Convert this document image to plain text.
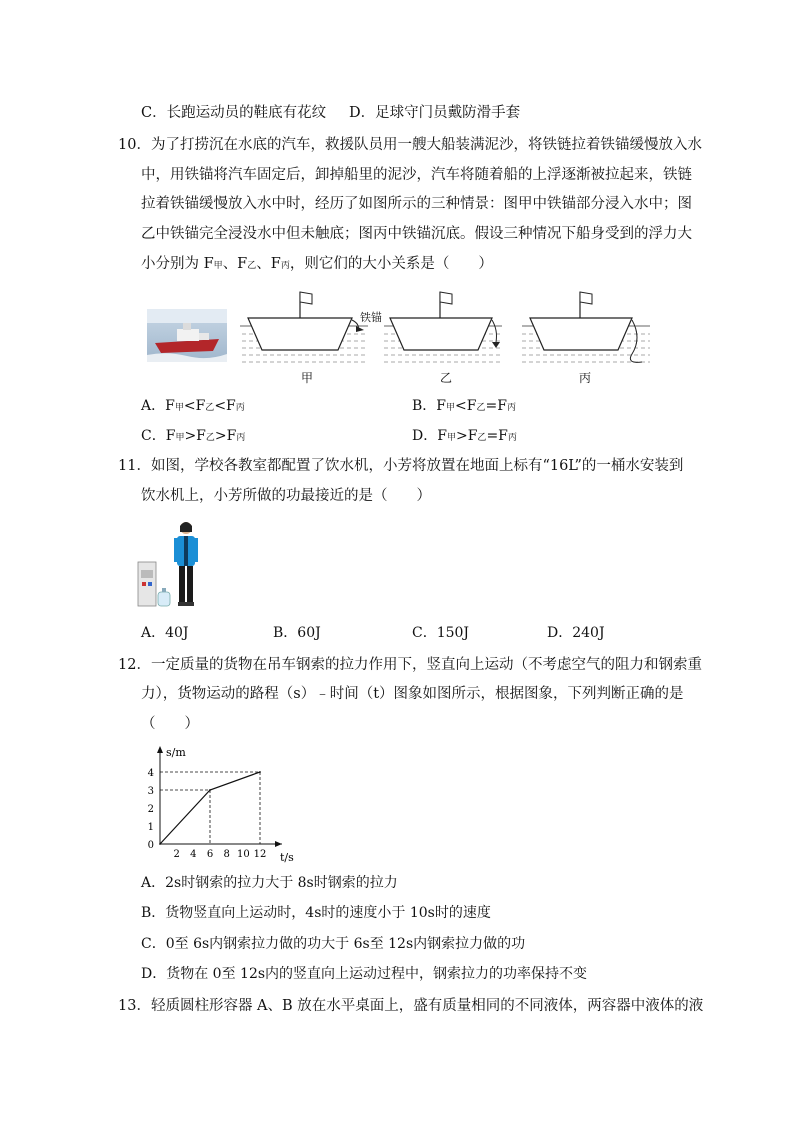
C．长跑运动员的鞋底有花纹 D．足球守门员戴防滑手套
10．为了打捞沉在水底的汽车，救援队员用一艘大船装满泥沙，将铁链拉着铁锚缓慢放入水
中，用铁锚将汽车固定后，卸掉船里的泥沙，汽车将随着船的上浮逐渐被拉起来，铁链
拉着铁锚缓慢放入水中时，经历了如图所示的三种情景：图甲中铁锚部分浸入水中；图
乙中铁锚完全浸没水中但未触底；图丙中铁锚沉底。假设三种情况下船身受到的浮力大
小分别为 F甲、F乙、F丙，则它们的大小关系是（　　）
铁锚
甲	乙	丙
A．F甲<F乙<F丙	B．F甲<F乙=F丙
C．F甲>F乙>F丙	D．F甲>F乙=F丙
11．如图，学校各教室都配置了饮水机，小芳将放置在地面上标有“16L”的一桶水安装到
饮水机上，小芳所做的功最接近的是（　　）
A．40J	B．60J	C．150J	D．240J
12．一定质量的货物在吊车钢索的拉力作用下，竖直向上运动（不考虑空气的阻力和钢索重
力），货物运动的路程（s）﹣时间（t）图象如图所示，根据图象，下列判断正确的是
（　　）
s/m
t/s
2 4 6 8 10 12
0
1
2
3
4
A．2s时钢索的拉力大于 8s时钢索的拉力
B．货物竖直向上运动时，4s时的速度小于 10s时的速度
C．0至 6s内钢索拉力做的功大于 6s至 12s内钢索拉力做的功
D．货物在 0至 12s内的竖直向上运动过程中，钢索拉力的功率保持不变
13．轻质圆柱形容器 A、B 放在水平桌面上，盛有质量相同的不同液体，两容器中液体的液
